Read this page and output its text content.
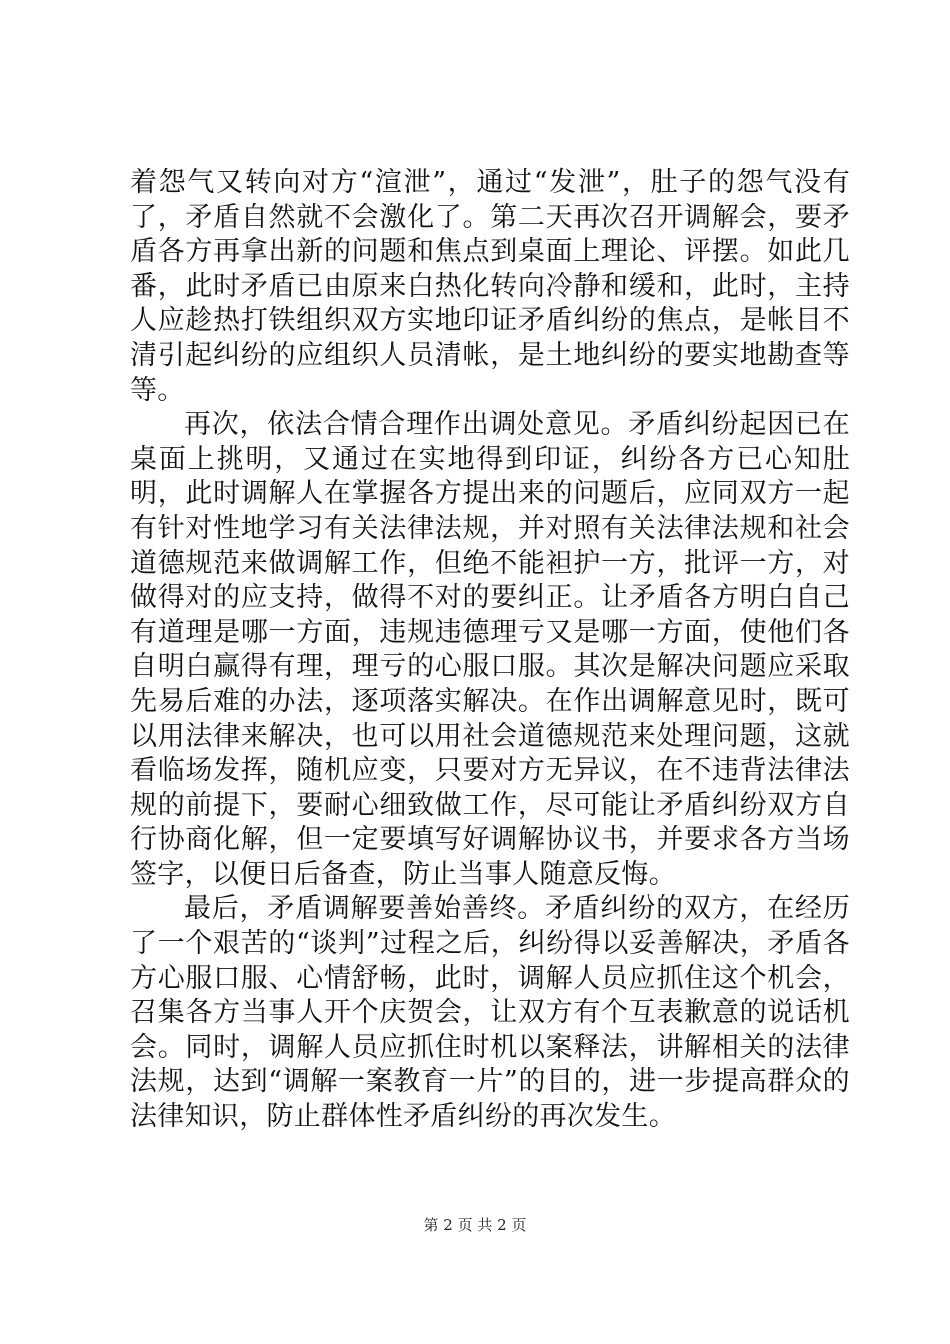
着怨气又转向对方“渲泄”，通过“发泄”，肚子的怨气没有了，矛盾自然就不会激化了。第二天再次召开调解会，要矛盾各方再拿出新的问题和焦点到桌面上理论、评摆。如此几番，此时矛盾已由原来白热化转向冷静和缓和，此时，主持人应趁热打铁组织双方实地印证矛盾纠纷的焦点，是帐目不清引起纠纷的应组织人员清帐，是土地纠纷的要实地勘查等等。

再次，依法合情合理作出调处意见。矛盾纠纷起因已在桌面上挑明，又通过在实地得到印证，纠纷各方已心知肚明，此时调解人在掌握各方提出来的问题后，应同双方一起有针对性地学习有关法律法规，并对照有关法律法规和社会道德规范来做调解工作，但绝不能袒护一方，批评一方，对做得对的应支持，做得不对的要纠正。让矛盾各方明白自己有道理是哪一方面，违规违德理亏又是哪一方面，使他们各自明白赢得有理，理亏的心服口服。其次是解决问题应采取先易后难的办法，逐项落实解决。在作出调解意见时，既可以用法律来解决，也可以用社会道德规范来处理问题，这就看临场发挥，随机应变，只要对方无异议，在不违背法律法规的前提下，要耐心细致做工作，尽可能让矛盾纠纷双方自行协商化解，但一定要填写好调解协议书，并要求各方当场签字，以便日后备查，防止当事人随意反悔。

最后，矛盾调解要善始善终。矛盾纠纷的双方，在经历了一个艰苦的“谈判”过程之后，纠纷得以妥善解决，矛盾各方心服口服、心情舒畅，此时，调解人员应抓住这个机会，召集各方当事人开个庆贺会，让双方有个互表歉意的说话机会。同时，调解人员应抓住时机以案释法，讲解相关的法律法规，达到“调解一案教育一片”的目的，进一步提高群众的法律知识，防止群体性矛盾纠纷的再次发生。

第 2 页 共 2 页
